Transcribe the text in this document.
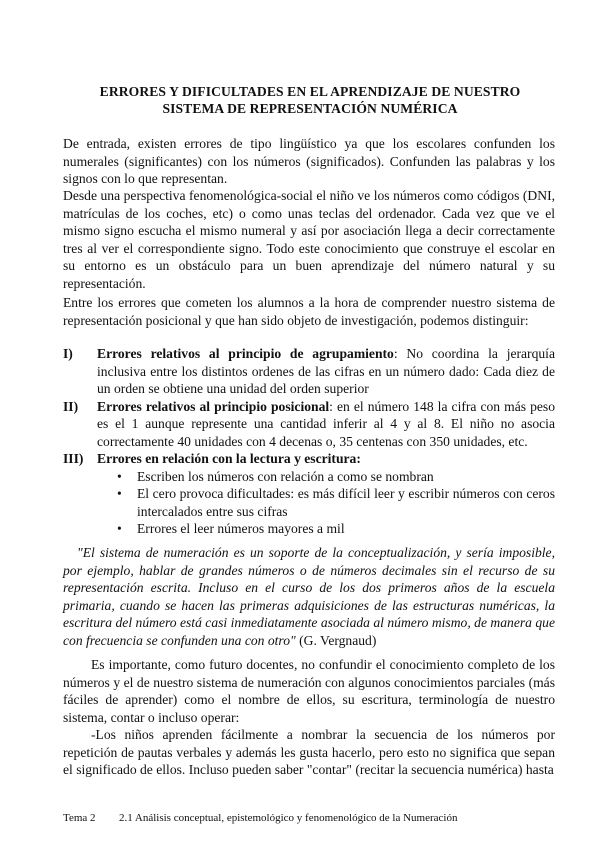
ERRORES Y DIFICULTADES EN EL APRENDIZAJE DE NUESTRO
SISTEMA DE REPRESENTACIÓN NUMÉRICA

De entrada, existen errores de tipo lingüístico ya que los escolares confunden los numerales (significantes) con los números (significados). Confunden las palabras y los signos con lo que representan.

Desde una perspectiva fenomenológica-social el niño ve los números como códigos (DNI, matrículas de los coches, etc) o como unas teclas del ordenador. Cada vez que ve el mismo signo escucha el mismo numeral y así por asociación llega a decir correctamente tres al ver el correspondiente signo. Todo este conocimiento que construye el escolar en su entorno es un obstáculo para un buen aprendizaje del número natural y su representación.

Entre los errores que cometen los alumnos a la hora de comprender nuestro sistema de representación posicional y que han sido objeto de investigación, podemos distinguir:

I) Errores relativos al principio de agrupamiento: No coordina la jerarquía inclusiva entre los distintos ordenes de las cifras en un número dado: Cada diez de un orden se obtiene una unidad del orden superior
II) Errores relativos al principio posicional: en el número 148 la cifra con más peso es el 1 aunque represente una cantidad inferir al 4 y al 8. El niño no asocia correctamente 40 unidades con 4 decenas o, 35 centenas con 350 unidades, etc.
III) Errores en relación con la lectura y escritura:
• Escriben los números con relación a como se nombran
• El cero provoca dificultades: es más difícil leer y escribir números con ceros intercalados entre sus cifras
• Errores el leer números mayores a mil
"El sistema de numeración es un soporte de la conceptualización, y sería imposible, por ejemplo, hablar de grandes números o de números decimales sin el recurso de su representación escrita. Incluso en el curso de los dos primeros años de la escuela primaria, cuando se hacen las primeras adquisiciones de las estructuras numéricas, la escritura del número está casi inmediatamente asociada al número mismo, de manera que con frecuencia se confunden una con otro" (G. Vergnaud)

Es importante, como futuro docentes, no confundir el conocimiento completo de los números y el de nuestro sistema de numeración con algunos conocimientos parciales (más fáciles de aprender) como el nombre de ellos, su escritura, terminología de nuestro sistema, contar o incluso operar:

-Los niños aprenden fácilmente a nombrar la secuencia de los números por repetición de pautas verbales y además les gusta hacerlo, pero esto no significa que sepan el significado de ellos. Incluso pueden saber "contar" (recitar la secuencia numérica) hasta

Tema 2 2.1 Análisis conceptual, epistemológico y fenomenológico de la Numeración
